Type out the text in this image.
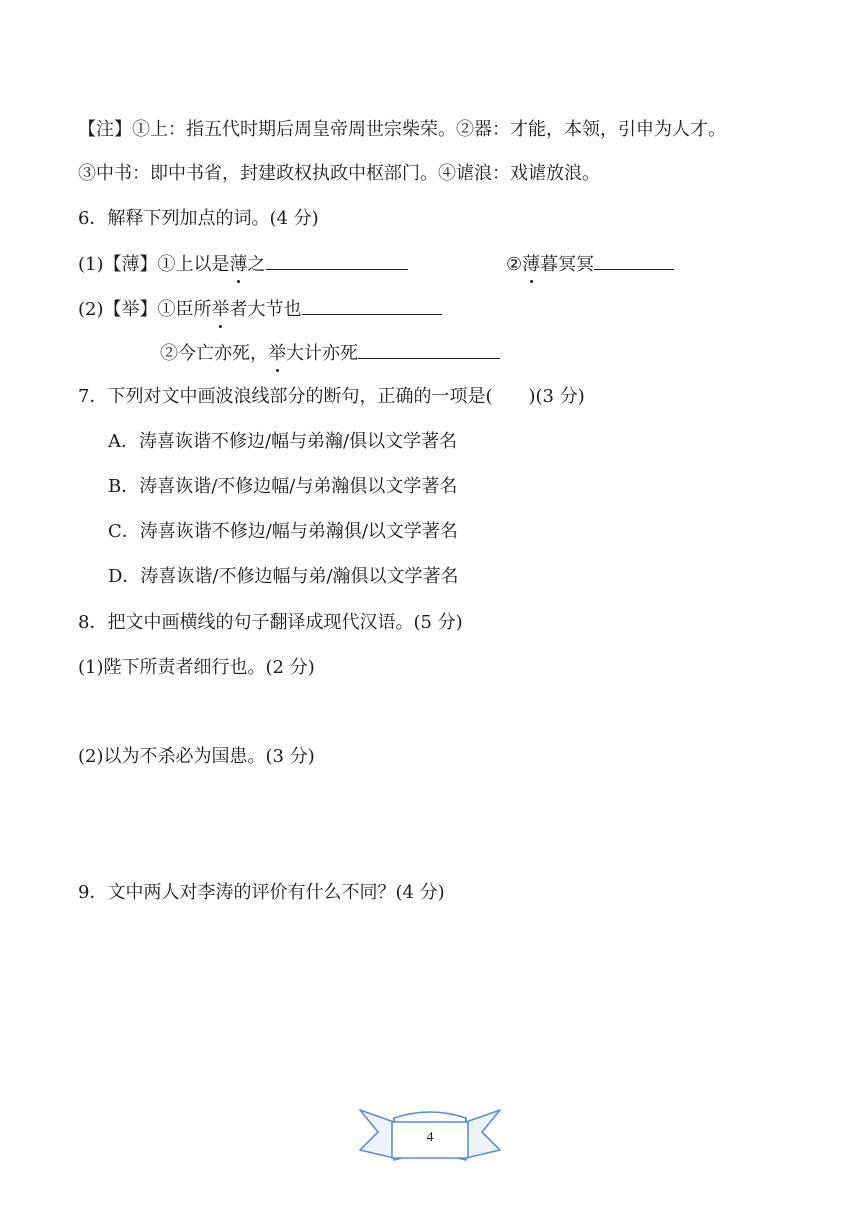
【注】①上：指五代时期后周皇帝周世宗柴荣。②器：才能，本领，引申为人才。
③中书：即中书省，封建政权执政中枢部门。④谑浪：戏谑放浪。
6．解释下列加点的词。(4 分)
(1)【薄】①上以是薄之	②薄暮冥冥
(2)【举】①臣所举者大节也
②今亡亦死，举大计亦死
7．下列对文中画波浪线部分的断句，正确的一项是(　　)(3 分)
A．涛喜诙谐不修边/幅与弟瀚/俱以文学著名
B．涛喜诙谐/不修边幅/与弟瀚俱以文学著名
C．涛喜诙谐不修边/幅与弟瀚俱/以文学著名
D．涛喜诙谐/不修边幅与弟/瀚俱以文学著名
8．把文中画横线的句子翻译成现代汉语。(5 分)
(1)陛下所责者细行也。(2 分)
(2)以为不杀必为国患。(3 分)
9．文中两人对李涛的评价有什么不同？(4 分)
4
